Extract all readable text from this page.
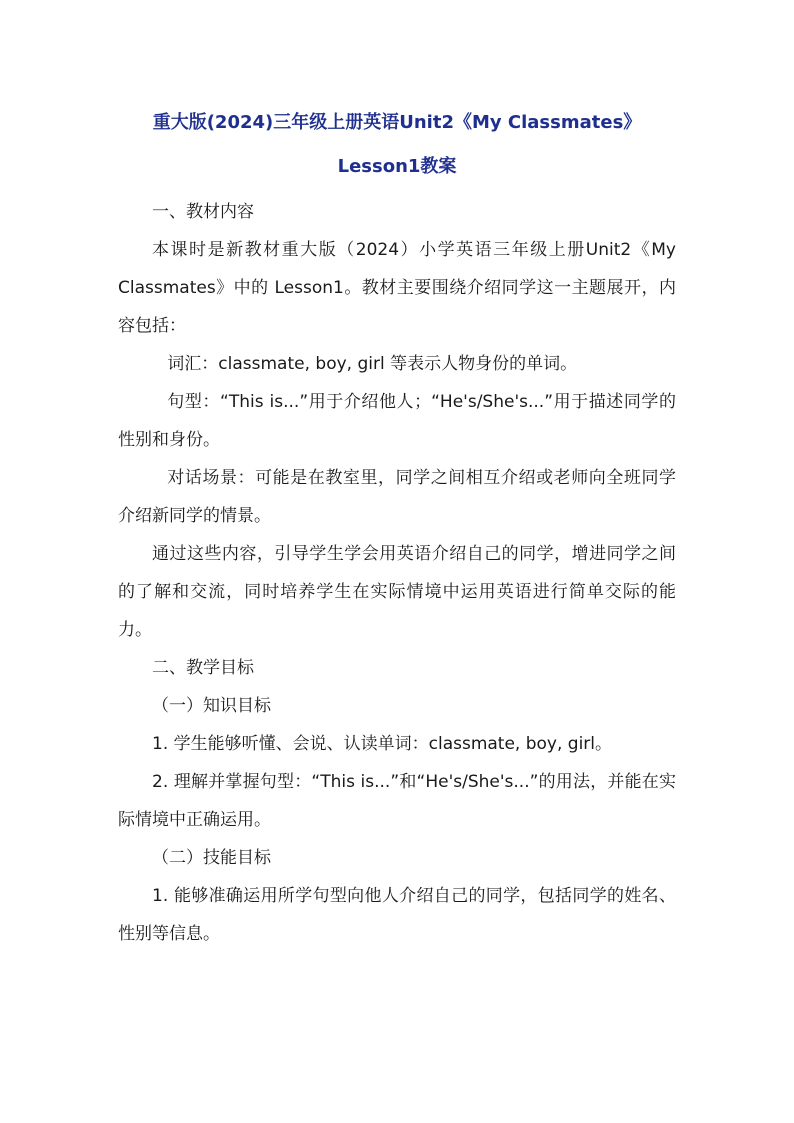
重大版(2024)三年级上册英语Unit2《My Classmates》Lesson1教案

一、教材内容

本课时是新教材重大版（2024）小学英语三年级上册Unit2《My Classmates》中的 Lesson1。教材主要围绕介绍同学这一主题展开，内容包括：

词汇：classmate, boy, girl 等表示人物身份的单词。

句型：“This is...”用于介绍他人；“He's/She's...”用于描述同学的性别和身份。

对话场景：可能是在教室里，同学之间相互介绍或老师向全班同学介绍新同学的情景。

通过这些内容，引导学生学会用英语介绍自己的同学，增进同学之间的了解和交流，同时培养学生在实际情境中运用英语进行简单交际的能力。

二、教学目标

（一）知识目标

1. 学生能够听懂、会说、认读单词：classmate, boy, girl。

2. 理解并掌握句型：“This is...”和“He's/She's...”的用法，并能在实际情境中正确运用。

（二）技能目标

1. 能够准确运用所学句型向他人介绍自己的同学，包括同学的姓名、性别等信息。
